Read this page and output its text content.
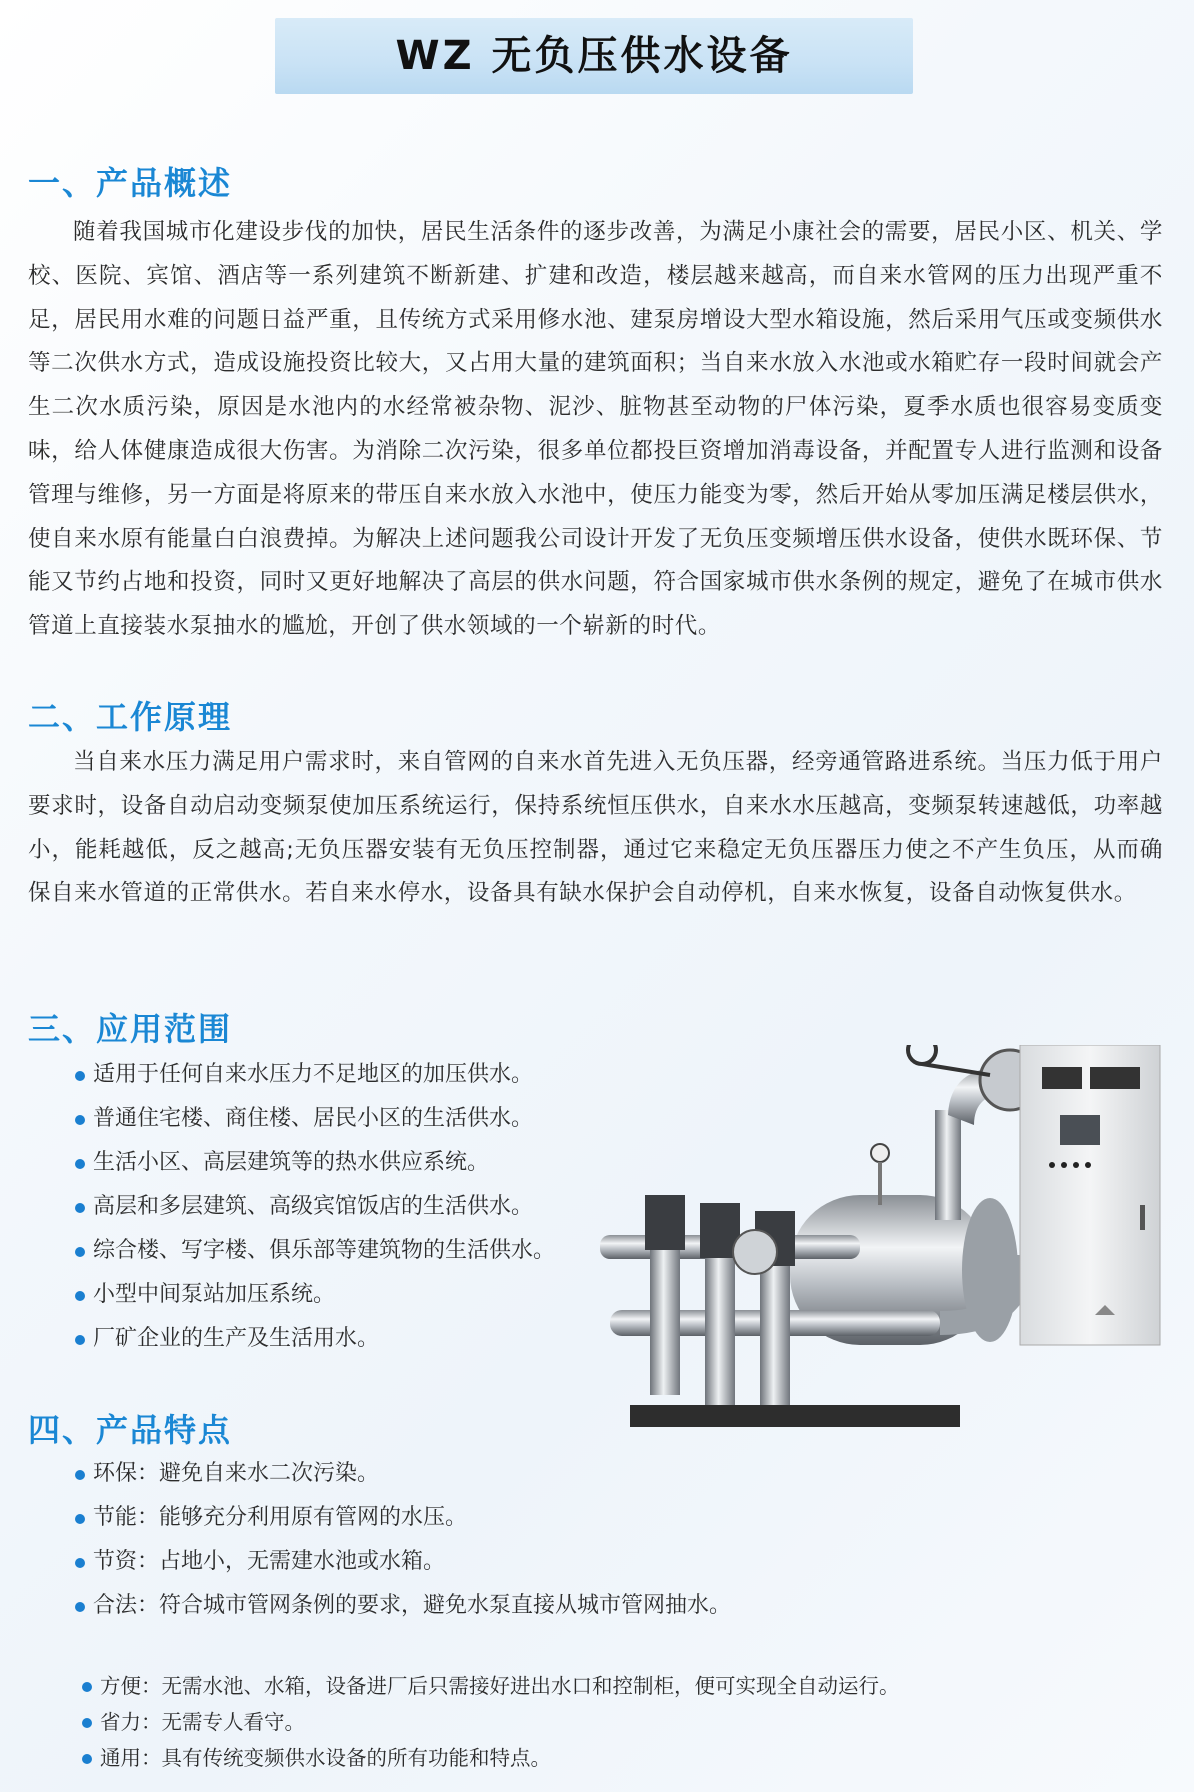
WZ 无负压供水设备
一、产品概述

随着我国城市化建设步伐的加快，居民生活条件的逐步改善，为满足小康社会的需要，居民小区、机关、学校、医院、宾馆、酒店等一系列建筑不断新建、扩建和改造，楼层越来越高，而自来水管网的压力出现严重不足，居民用水难的问题日益严重，且传统方式采用修水池、建泵房增设大型水箱设施，然后采用气压或变频供水等二次供水方式，造成设施投资比较大，又占用大量的建筑面积；当自来水放入水池或水箱贮存一段时间就会产生二次水质污染，原因是水池内的水经常被杂物、泥沙、脏物甚至动物的尸体污染，夏季水质也很容易变质变味，给人体健康造成很大伤害。为消除二次污染，很多单位都投巨资增加消毒设备，并配置专人进行监测和设备管理与维修，另一方面是将原来的带压自来水放入水池中，使压力能变为零，然后开始从零加压满足楼层供水，使自来水原有能量白白浪费掉。为解决上述问题我公司设计开发了无负压变频增压供水设备，使供水既环保、节能又节约占地和投资，同时又更好地解决了高层的供水问题，符合国家城市供水条例的规定，避免了在城市供水管道上直接装水泵抽水的尴尬，开创了供水领域的一个崭新的时代。

二、工作原理

当自来水压力满足用户需求时，来自管网的自来水首先进入无负压器，经旁通管路进系统。当压力低于用户要求时，设备自动启动变频泵使加压系统运行，保持系统恒压供水，自来水水压越高，变频泵转速越低，功率越小，能耗越低，反之越高;无负压器安装有无负压控制器，通过它来稳定无负压器压力使之不产生负压，从而确保自来水管道的正常供水。若自来水停水，设备具有缺水保护会自动停机，自来水恢复，设备自动恢复供水。

三、应用范围
适用于任何自来水压力不足地区的加压供水。
普通住宅楼、商住楼、居民小区的生活供水。
生活小区、高层建筑等的热水供应系统。
高层和多层建筑、高级宾馆饭店的生活供水。
综合楼、写字楼、俱乐部等建筑物的生活供水。
小型中间泵站加压系统。
厂矿企业的生产及生活用水。
四、产品特点
环保：避免自来水二次污染。
节能：能够充分利用原有管网的水压。
节资：占地小，无需建水池或水箱。
合法：符合城市管网条例的要求，避免水泵直接从城市管网抽水。
方便：无需水池、水箱，设备进厂后只需接好进出水口和控制柜，便可实现全自动运行。
省力：无需专人看守。
通用：具有传统变频供水设备的所有功能和特点。
